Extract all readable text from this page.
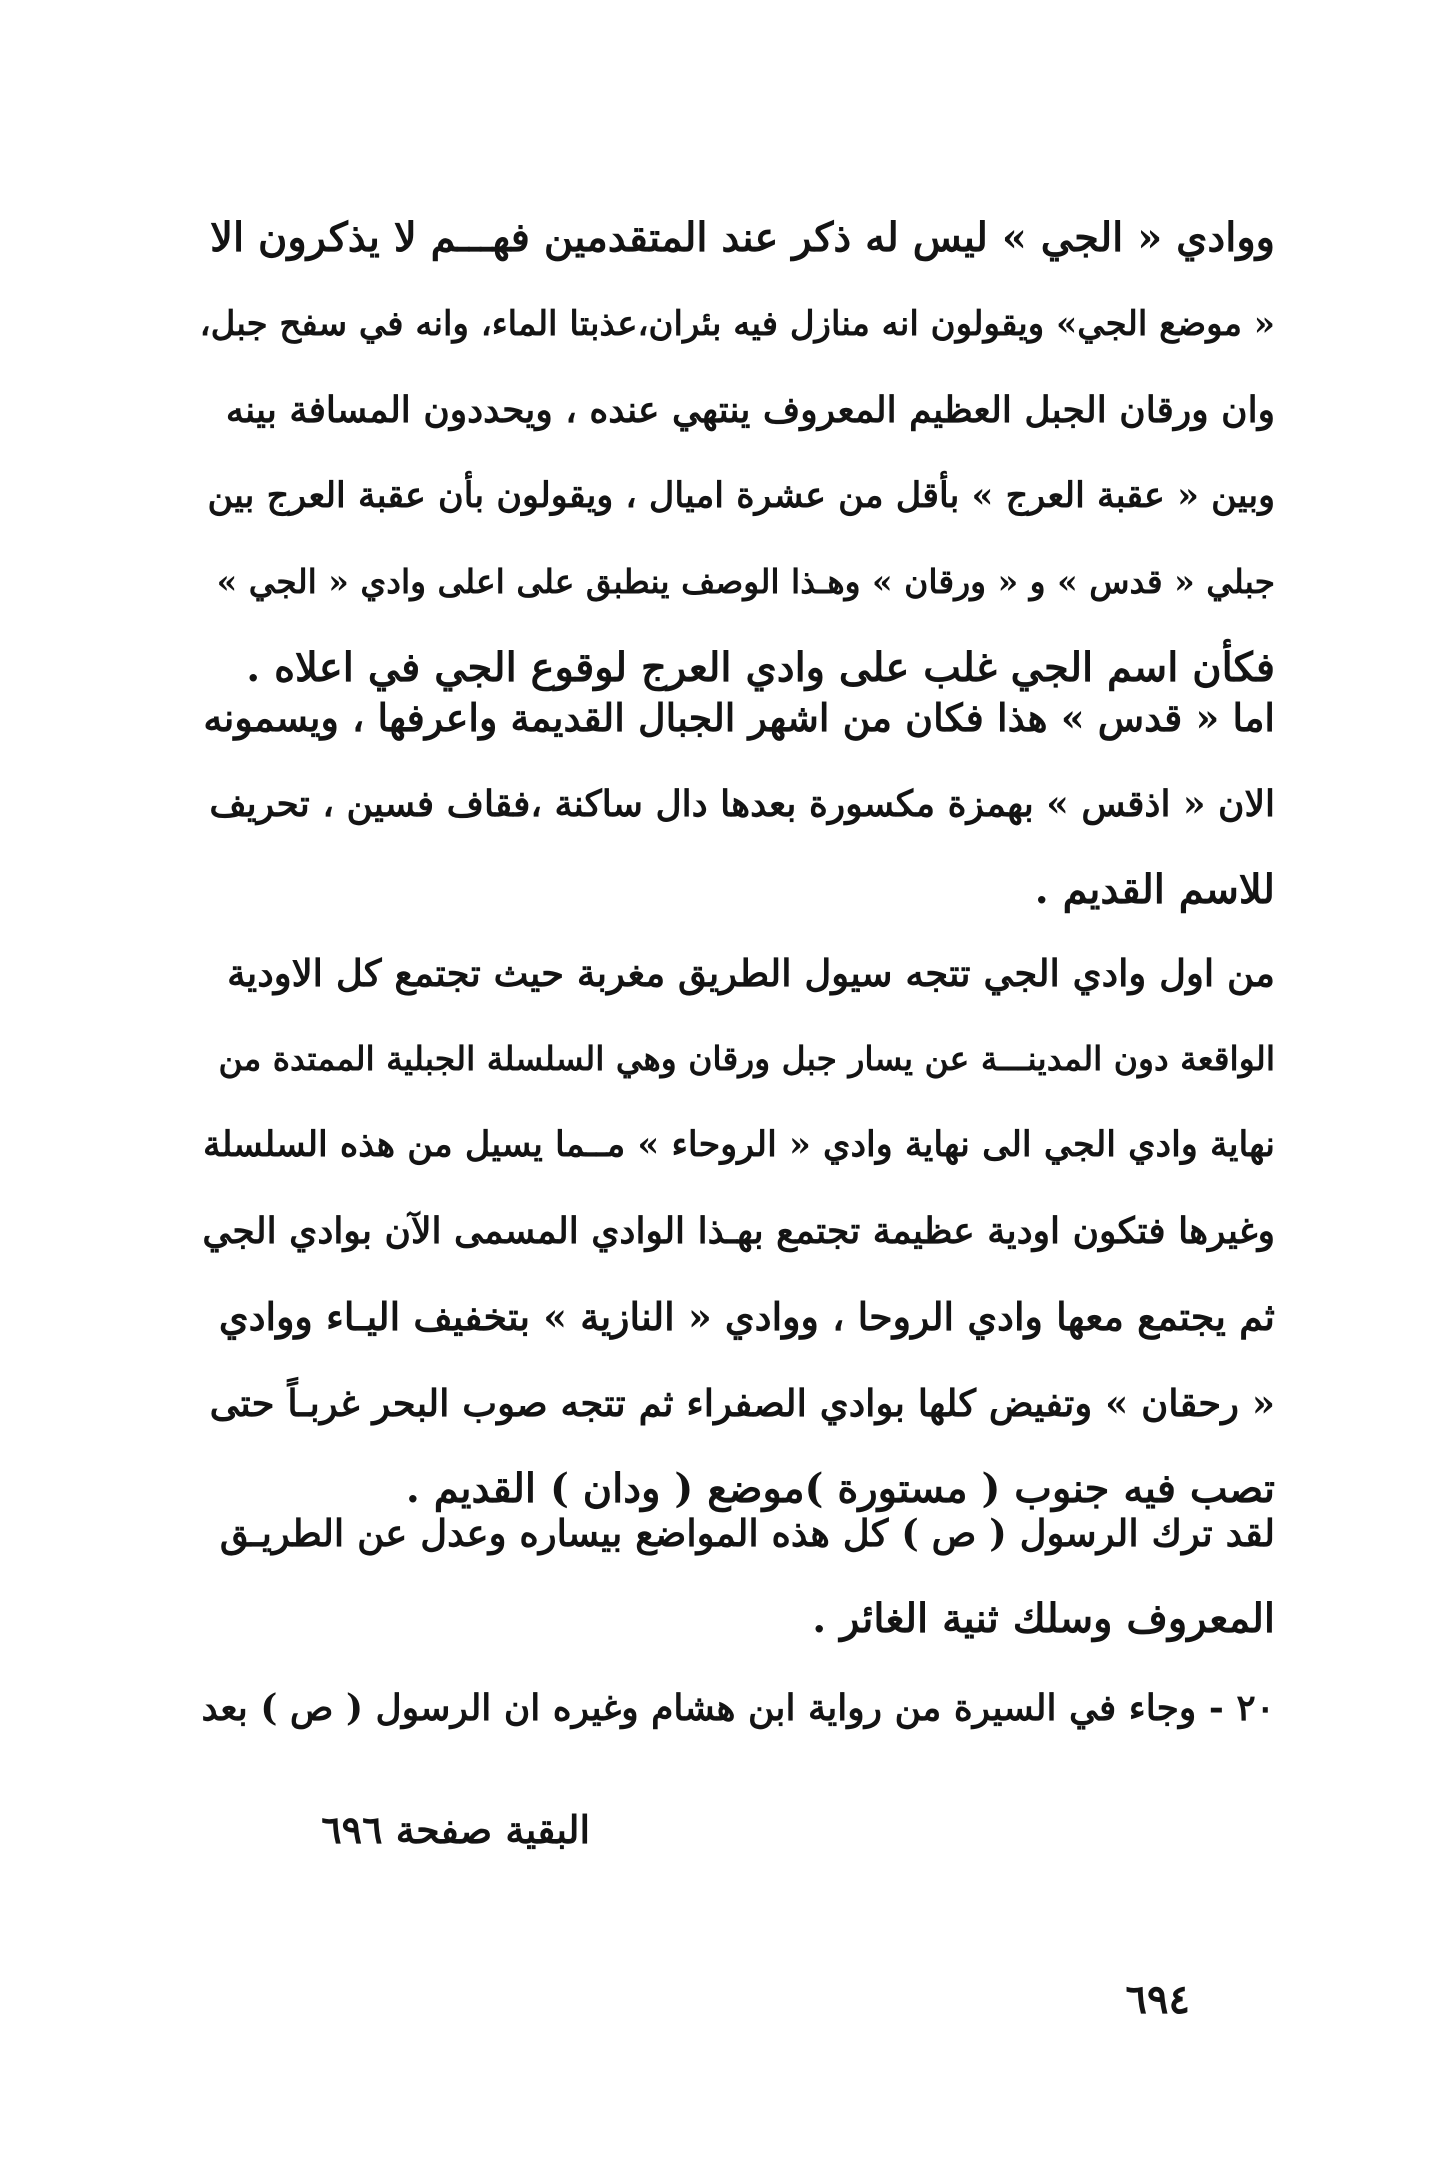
ووادي « الجي » ليس له ذكر عند المتقدمين فهـــم لا يذكرون الا
« موضع الجي» ويقولون انه منازل فيه بئران،عذبتا الماء، وانه في سفح جبل،
وان ورقان الجبل العظيم المعروف ينتهي عنده ، ويحددون المسافة بينه
وبين « عقبة العرج » بأقل من عشرة اميال ، ويقولون بأن عقبة العرج بين
جبلي « قدس » و « ورقان » وهـذا الوصف ينطبق على اعلى وادي « الجي »
فكأن اسم الجي غلب على وادي العرج لوقوع الجي في اعلاه .
اما « قدس » هذا فكان من اشهر الجبال القديمة واعرفها ، ويسمونه
الان « اذقس » بهمزة مكسورة بعدها دال ساكنة ،فقاف فسين ، تحريف
للاسم القديم .
من اول وادي الجي تتجه سيول الطريق مغربة حيث تجتمع كل الاودية
الواقعة دون المدينـــة عن يسار جبل ورقان وهي السلسلة الجبلية الممتدة من
نهاية وادي الجي الى نهاية وادي « الروحاء » مــما يسيل من هذه السلسلة
وغيرها فتكون اودية عظيمة تجتمع بهـذا الوادي المسمى الآن بوادي الجي
ثم يجتمع معها وادي الروحا ، ووادي « النازية » بتخفيف اليـاء ووادي
« رحقان » وتفيض كلها بوادي الصفراء ثم تتجه صوب البحر غربـاً حتى
تصب فيه جنوب ( مستورة )موضع ( ودان ) القديم .
لقد ترك الرسول ( ص ) كل هذه المواضع بيساره وعدل عن الطريـق
المعروف وسلك ثنية الغائر .
٢٠ - وجاء في السيرة من رواية ابن هشام وغيره ان الرسول ( ص ) بعد
البقية صفحة ٦٩٦
٦٩٤
